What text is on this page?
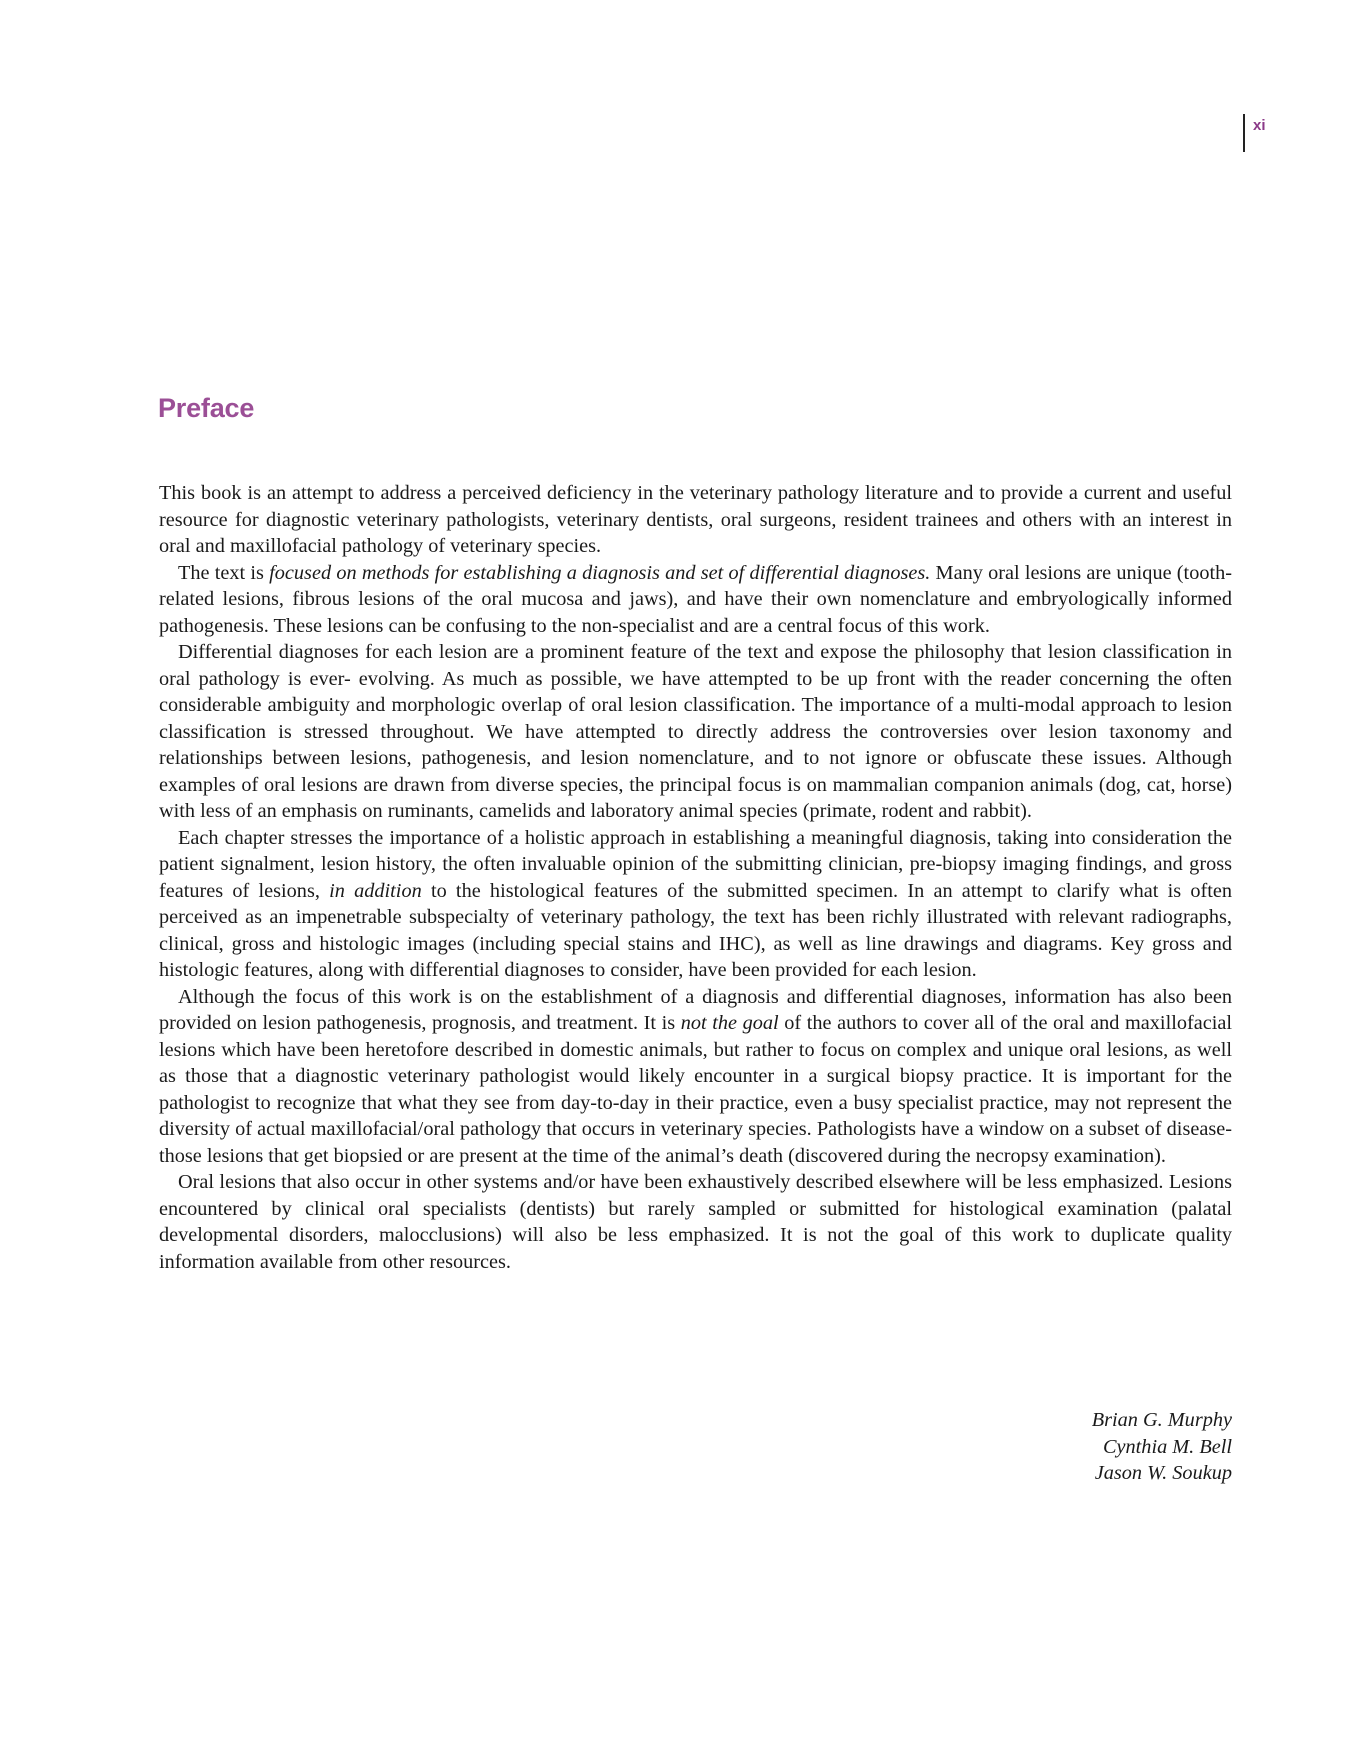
xi
Preface

This book is an attempt to address a perceived deficiency in the veterinary pathology literature and to provide a current and useful resource for diagnostic veterinary pathologists, veterinary dentists, oral surgeons, resident trainees and others with an interest in oral and maxillofacial pathology of veterinary species.

The text is focused on methods for establishing a diagnosis and set of differential diagnoses. Many oral lesions are unique (tooth-related lesions, fibrous lesions of the oral mucosa and jaws), and have their own nomenclature and embryologically informed pathogenesis. These lesions can be confusing to the non-specialist and are a central focus of this work.

Differential diagnoses for each lesion are a prominent feature of the text and expose the philosophy that lesion classification in oral pathology is ever- evolving. As much as possible, we have attempted to be up front with the reader concerning the often considerable ambiguity and morphologic overlap of oral lesion classification. The importance of a multi-modal approach to lesion classification is stressed throughout. We have attempted to directly address the controversies over lesion taxonomy and relationships between lesions, pathogenesis, and lesion nomenclature, and to not ignore or obfuscate these issues. Although examples of oral lesions are drawn from diverse species, the principal focus is on mammalian companion animals (dog, cat, horse) with less of an emphasis on ruminants, camelids and laboratory animal species (primate, rodent and rabbit).

Each chapter stresses the importance of a holistic approach in establishing a meaningful diagnosis, taking into consideration the patient signalment, lesion history, the often invaluable opinion of the submitting clinician, pre-biopsy imaging findings, and gross features of lesions, in addition to the histological features of the submitted specimen. In an attempt to clarify what is often perceived as an impenetrable subspecialty of veterinary pathology, the text has been richly illustrated with relevant radiographs, clinical, gross and histologic images (including special stains and IHC), as well as line drawings and diagrams. Key gross and histologic features, along with differential diagnoses to consider, have been provided for each lesion.

Although the focus of this work is on the establishment of a diagnosis and differential diagnoses, information has also been provided on lesion pathogenesis, prognosis, and treatment. It is not the goal of the authors to cover all of the oral and maxillofacial lesions which have been heretofore described in domestic animals, but rather to focus on complex and unique oral lesions, as well as those that a diagnostic veterinary pathologist would likely encounter in a surgical biopsy practice. It is important for the pathologist to recognize that what they see from day-to-day in their practice, even a busy specialist practice, may not represent the diversity of actual maxillofacial/oral pathology that occurs in veterinary species. Pathologists have a window on a subset of disease- those lesions that get biopsied or are present at the time of the animal’s death (discovered during the necropsy examination).

Oral lesions that also occur in other systems and/or have been exhaustively described elsewhere will be less emphasized. Lesions encountered by clinical oral specialists (dentists) but rarely sampled or submitted for histological examination (palatal developmental disorders, malocclusions) will also be less emphasized. It is not the goal of this work to duplicate quality information available from other resources.

Brian G. Murphy
Cynthia M. Bell
Jason W. Soukup
